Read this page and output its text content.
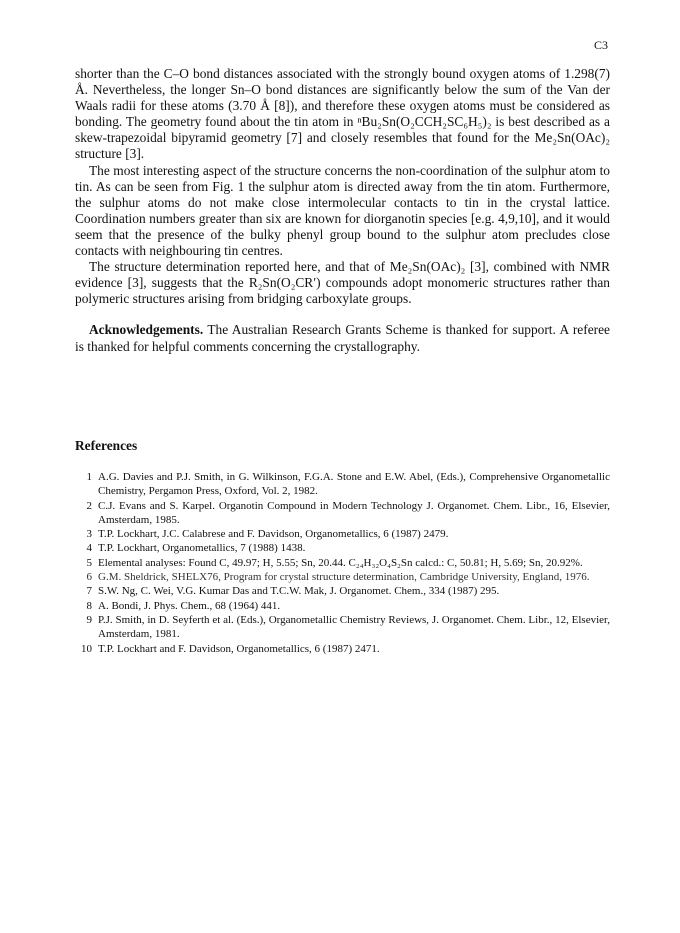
C3

shorter than the C–O bond distances associated with the strongly bound oxygen atoms of 1.298(7) Å. Nevertheless, the longer Sn–O bond distances are significantly below the sum of the Van der Waals radii for these atoms (3.70 Å [8]), and therefore these oxygen atoms must be considered as bonding. The geometry found about the tin atom in ⁿBu₂Sn(O₂CCH₂SC₆H₅)₂ is best described as a skew-trapezoidal bipyramid geometry [7] and closely resembles that found for the Me₂Sn(OAc)₂ structure [3].

The most interesting aspect of the structure concerns the non-coordination of the sulphur atom to tin. As can be seen from Fig. 1 the sulphur atom is directed away from the tin atom. Furthermore, the sulphur atoms do not make close intermolecular contacts to tin in the crystal lattice. Coordination numbers greater than six are known for diorganotin species [e.g. 4,9,10], and it would seem that the presence of the bulky phenyl group bound to the sulphur atom precludes close contacts with neighbouring tin centres.

The structure determination reported here, and that of Me₂Sn(OAc)₂ [3], combined with NMR evidence [3], suggests that the R₂Sn(O₂CR′) compounds adopt monomeric structures rather than polymeric structures arising from bridging carboxylate groups.

Acknowledgements. The Australian Research Grants Scheme is thanked for support. A referee is thanked for helpful comments concerning the crystallography.

References
1 A.G. Davies and P.J. Smith, in G. Wilkinson, F.G.A. Stone and E.W. Abel, (Eds.), Comprehensive Organometallic Chemistry, Pergamon Press, Oxford, Vol. 2, 1982.
2 C.J. Evans and S. Karpel. Organotin Compound in Modern Technology J. Organomet. Chem. Libr., 16, Elsevier, Amsterdam, 1985.
3 T.P. Lockhart, J.C. Calabrese and F. Davidson, Organometallics, 6 (1987) 2479.
4 T.P. Lockhart, Organometallics, 7 (1988) 1438.
5 Elemental analyses: Found C, 49.97; H, 5.55; Sn, 20.44. C₂₄H₃₂O₄S₂Sn calcd.: C, 50.81; H, 5.69; Sn, 20.92%.
6 G.M. Sheldrick, SHELX76, Program for crystal structure determination, Cambridge University, England, 1976.
7 S.W. Ng, C. Wei, V.G. Kumar Das and T.C.W. Mak, J. Organomet. Chem., 334 (1987) 295.
8 A. Bondi, J. Phys. Chem., 68 (1964) 441.
9 P.J. Smith, in D. Seyferth et al. (Eds.), Organometallic Chemistry Reviews, J. Organomet. Chem. Libr., 12, Elsevier, Amsterdam, 1981.
10 T.P. Lockhart and F. Davidson, Organometallics, 6 (1987) 2471.
